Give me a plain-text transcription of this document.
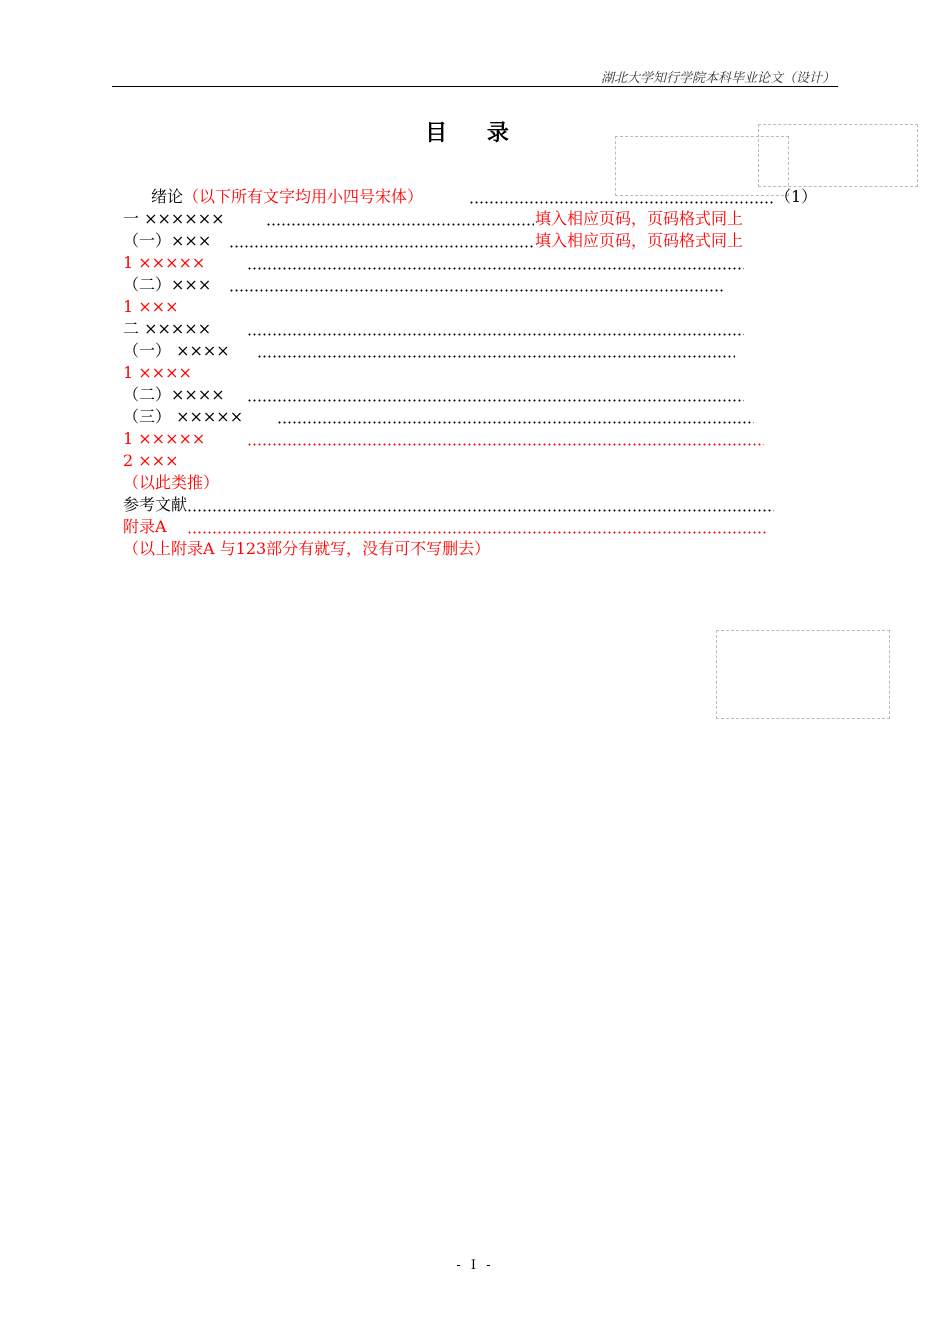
湖北大学知行学院本科毕业论文（设计）
目 录
绪论（以下所有文字均用小四号宋体）	（1）
一 ××××××	填入相应页码，页码格式同上
（一）×××	填入相应页码，页码格式同上
1 ×××××
（二）×××
1 ×××
二 ×××××
（一） ××××
1 ××××
（二）××××
（三） ×××××
1 ×××××
2 ×××
（以此类推）
参考文献
附录A
（以上附录A 与123部分有就写，没有可不写删去）
- I -
